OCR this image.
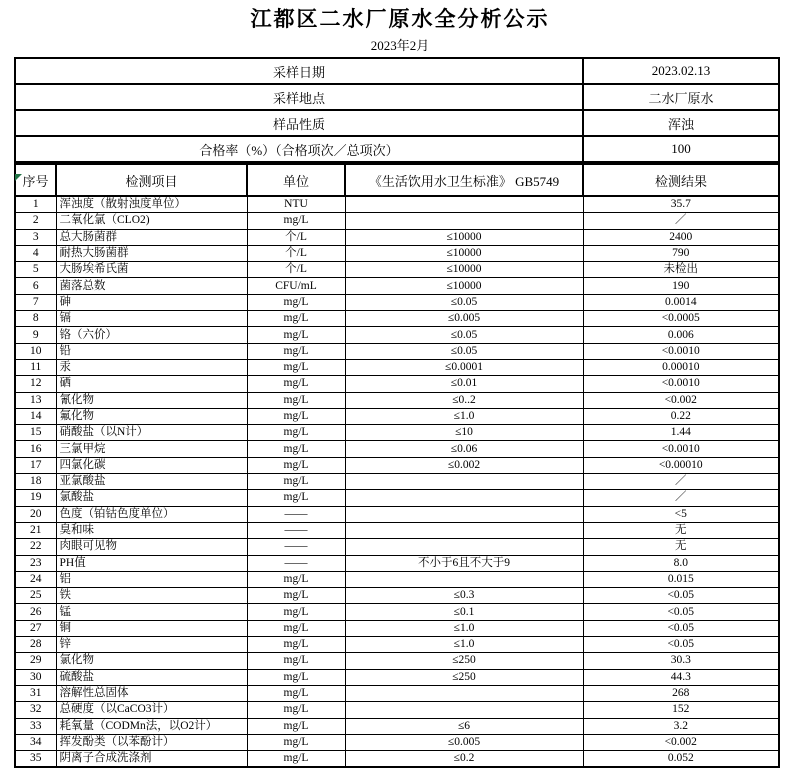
江都区二水厂原水全分析公示
2023年2月
采样日期	2023.02.13
采样地点	二水厂原水
样品性质	浑浊
合格率（%）（合格项次／总项次）	100
序号	检测项目	单位	《生活饮用水卫生标准》 GB5749	检测结果
1	浑浊度（散射浊度单位）	NTU		35.7
2	二氧化氯（CLO2)	mg/L		／
3	总大肠菌群	个/L	≤10000	2400
4	耐热大肠菌群	个/L	≤10000	790
5	大肠埃希氏菌	个/L	≤10000	未检出
6	菌落总数	CFU/mL	≤10000	190
7	砷	mg/L	≤0.05	0.0014
8	镉	mg/L	≤0.005	<0.0005
9	铬（六价）	mg/L	≤0.05	0.006
10	铅	mg/L	≤0.05	<0.0010
11	汞	mg/L	≤0.0001	0.00010
12	硒	mg/L	≤0.01	<0.0010
13	氰化物	mg/L	≤0..2	<0.002
14	氟化物	mg/L	≤1.0	0.22
15	硝酸盐（以N计）	mg/L	≤10	1.44
16	三氯甲烷	mg/L	≤0.06	<0.0010
17	四氯化碳	mg/L	≤0.002	<0.00010
18	亚氯酸盐	mg/L		／
19	氯酸盐	mg/L		／
20	色度（铂钴色度单位）	——		<5
21	臭和味	——		无
22	肉眼可见物	——		无
23	PH值	——	不小于6且不大于9	8.0
24	铝	mg/L		0.015
25	铁	mg/L	≤0.3	<0.05
26	锰	mg/L	≤0.1	<0.05
27	铜	mg/L	≤1.0	<0.05
28	锌	mg/L	≤1.0	<0.05
29	氯化物	mg/L	≤250	30.3
30	硫酸盐	mg/L	≤250	44.3
31	溶解性总固体	mg/L		268
32	总硬度（以CaCO3计）	mg/L		152
33	耗氧量（CODMn法，以O2计）	mg/L	≤6	3.2
34	挥发酚类（以苯酚计）	mg/L	≤0.005	<0.002
35	阴离子合成洗涤剂	mg/L	≤0.2	0.052
